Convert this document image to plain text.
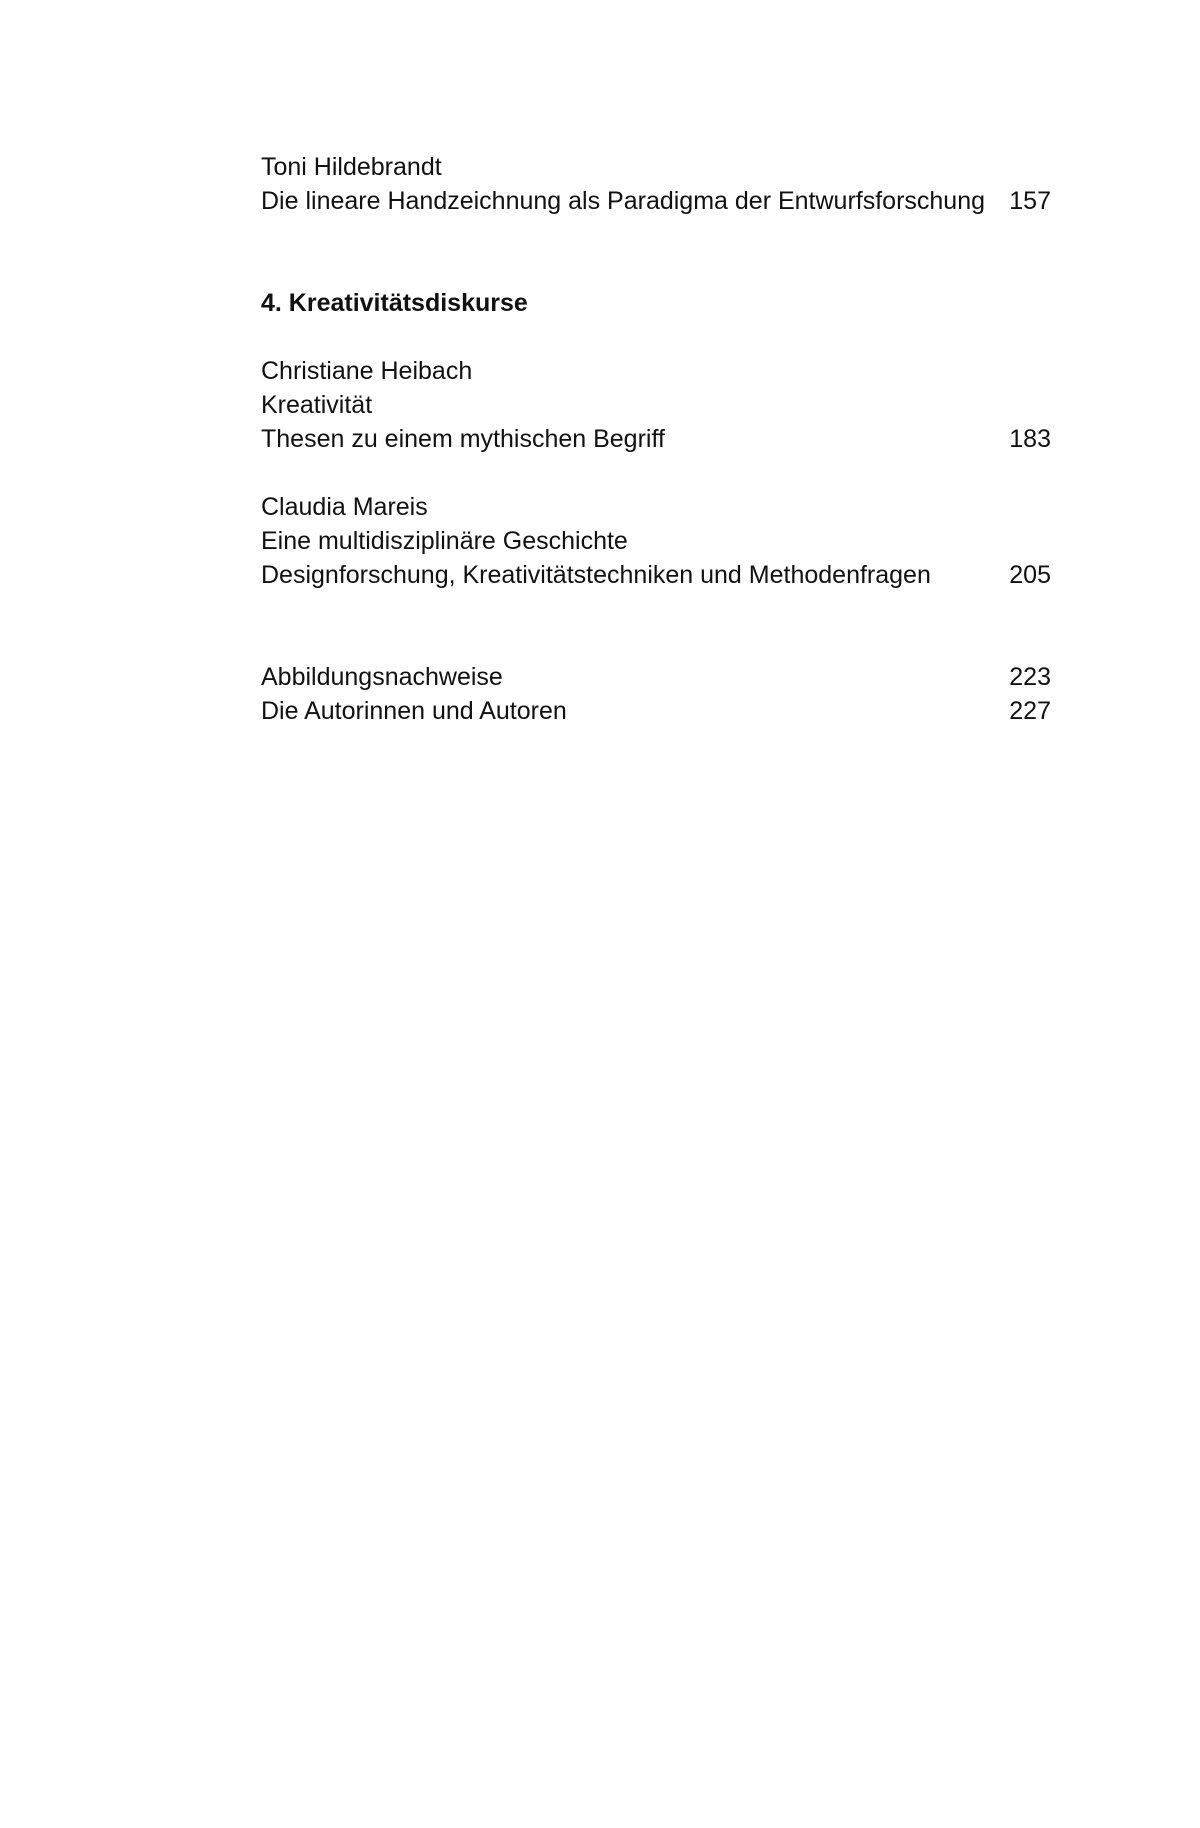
Toni Hildebrandt
Die lineare Handzeichnung als Paradigma der Entwurfsforschung 157
4. Kreativitätsdiskurse
Christiane Heibach
Kreativität
Thesen zu einem mythischen Begriff	183
Claudia Mareis
Eine multidisziplinäre Geschichte
Designforschung, Kreativitätstechniken und Methodenfragen	205
Abbildungsnachweise	223
Die Autorinnen und Autoren	227
